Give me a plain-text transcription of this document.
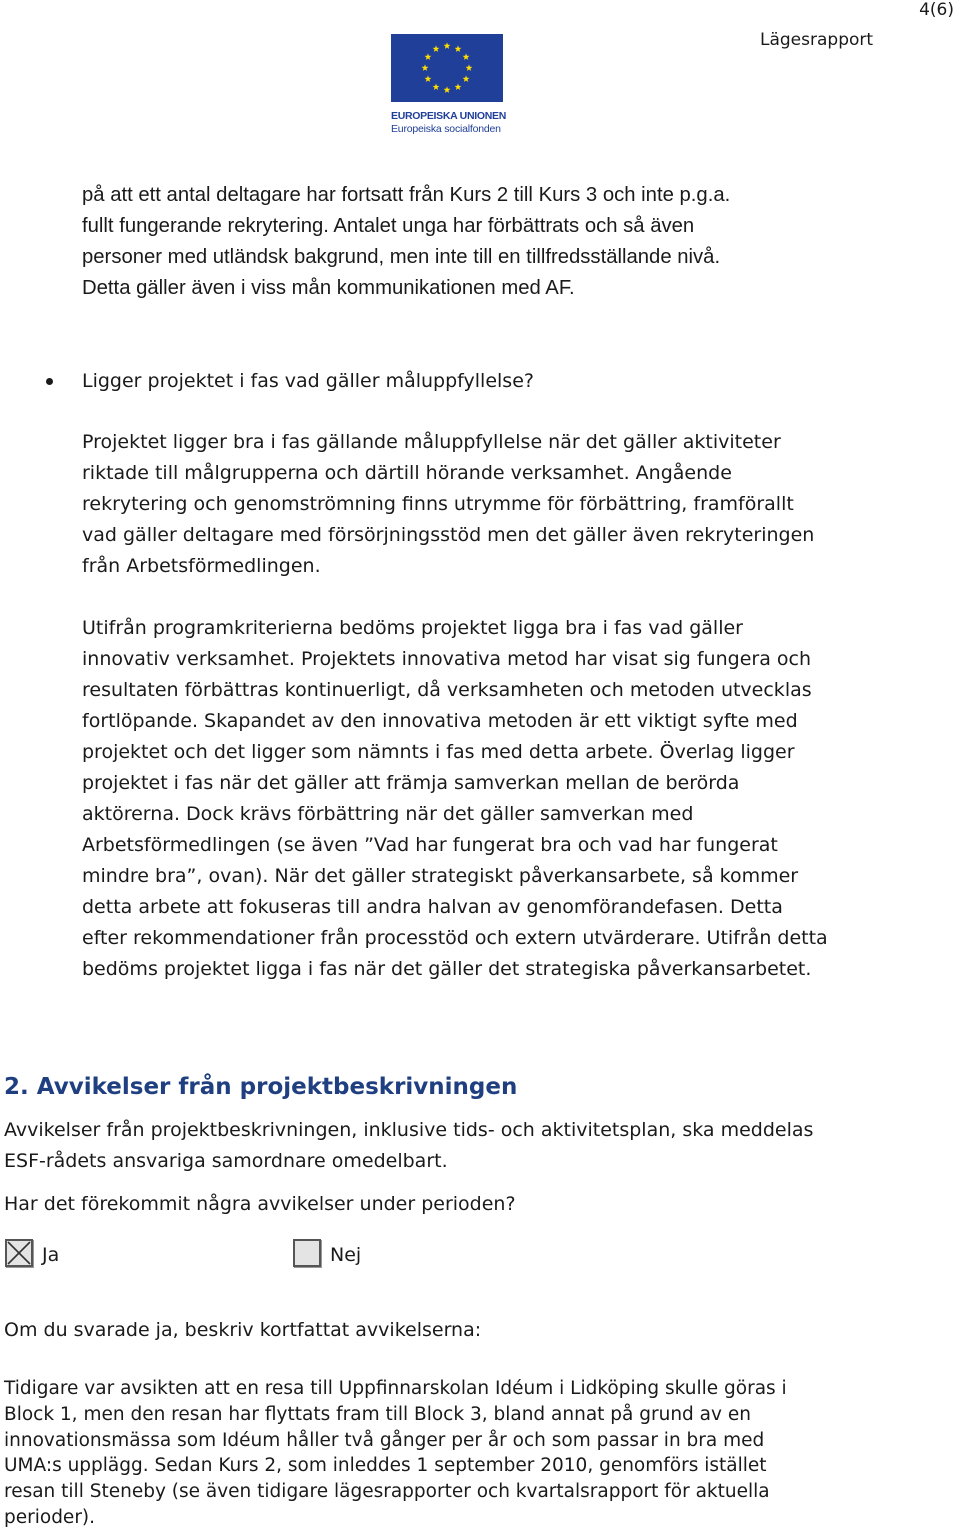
4(6)
Lägesrapport
EUROPEISKA UNIONEN
Europeiska socialfonden
på att ett antal deltagare har fortsatt från Kurs 2 till Kurs 3 och inte p.g.a.
fullt fungerande rekrytering. Antalet unga har förbättrats och så även
personer med utländsk bakgrund, men inte till en tillfredsställande nivå.
Detta gäller även i viss mån kommunikationen med AF.
Ligger projektet i fas vad gäller måluppfyllelse?
Projektet ligger bra i fas gällande måluppfyllelse när det gäller aktiviteter
riktade till målgrupperna och därtill hörande verksamhet. Angående
rekrytering och genomströmning finns utrymme för förbättring, framförallt
vad gäller deltagare med försörjningsstöd men det gäller även rekryteringen
från Arbetsförmedlingen.
Utifrån programkriterierna bedöms projektet ligga bra i fas vad gäller
innovativ verksamhet. Projektets innovativa metod har visat sig fungera och
resultaten förbättras kontinuerligt, då verksamheten och metoden utvecklas
fortlöpande. Skapandet av den innovativa metoden är ett viktigt syfte med
projektet och det ligger som nämnts i fas med detta arbete. Överlag ligger
projektet i fas när det gäller att främja samverkan mellan de berörda
aktörerna. Dock krävs förbättring när det gäller samverkan med
Arbetsförmedlingen (se även ”Vad har fungerat bra och vad har fungerat
mindre bra”, ovan). När det gäller strategiskt påverkansarbete, så kommer
detta arbete att fokuseras till andra halvan av genomförandefasen. Detta
efter rekommendationer från processtöd och extern utvärderare. Utifrån detta
bedöms projektet ligga i fas när det gäller det strategiska påverkansarbetet.
2. Avvikelser från projektbeskrivningen
Avvikelser från projektbeskrivningen, inklusive tids- och aktivitetsplan, ska meddelas
ESF-rådets ansvariga samordnare omedelbart.
Har det förekommit några avvikelser under perioden?
Ja	Nej
Om du svarade ja, beskriv kortfattat avvikelserna:
Tidigare var avsikten att en resa till Uppfinnarskolan Idéum i Lidköping skulle göras i
Block 1, men den resan har flyttats fram till Block 3, bland annat på grund av en
innovationsmässa som Idéum håller två gånger per år och som passar in bra med
UMA:s upplägg. Sedan Kurs 2, som inleddes 1 september 2010, genomförs istället
resan till Steneby (se även tidigare lägesrapporter och kvartalsrapport för aktuella
perioder).
